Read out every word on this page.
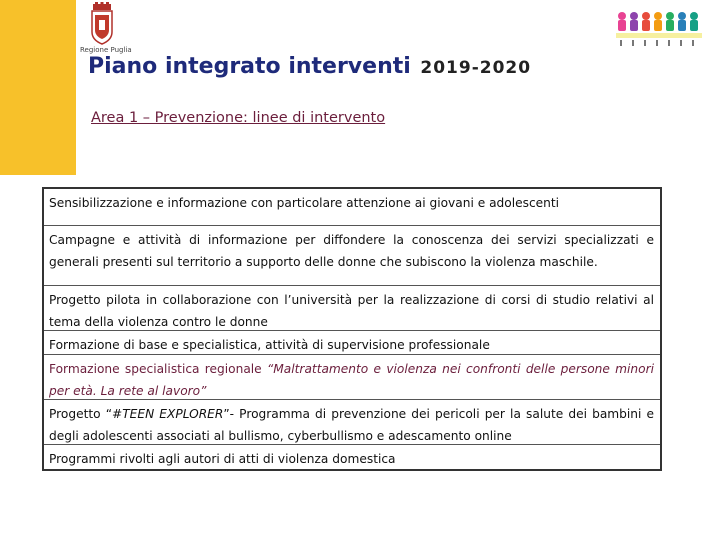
Regione Puglia
Piano integrato interventi 2019-2020
Area 1 – Prevenzione: linee di intervento
Sensibilizzazione e informazione con particolare attenzione ai giovani e adolescenti
Campagne e attività di informazione per diffondere la conoscenza dei servizi specializzati e generali presenti sul territorio a supporto delle donne che subiscono la violenza maschile.
Progetto pilota in collaborazione con l’università per la realizzazione di corsi di studio relativi al tema della violenza contro le donne
Formazione di base e specialistica, attività di supervisione professionale
Formazione specialistica regionale “Maltrattamento e violenza nei confronti delle persone minori per età. La rete al lavoro”
Progetto “#TEEN EXPLORER”- Programma di prevenzione dei pericoli per la salute dei bambini e degli adolescenti associati al bullismo, cyberbullismo e adescamento online
Programmi rivolti agli autori di atti di violenza domestica
